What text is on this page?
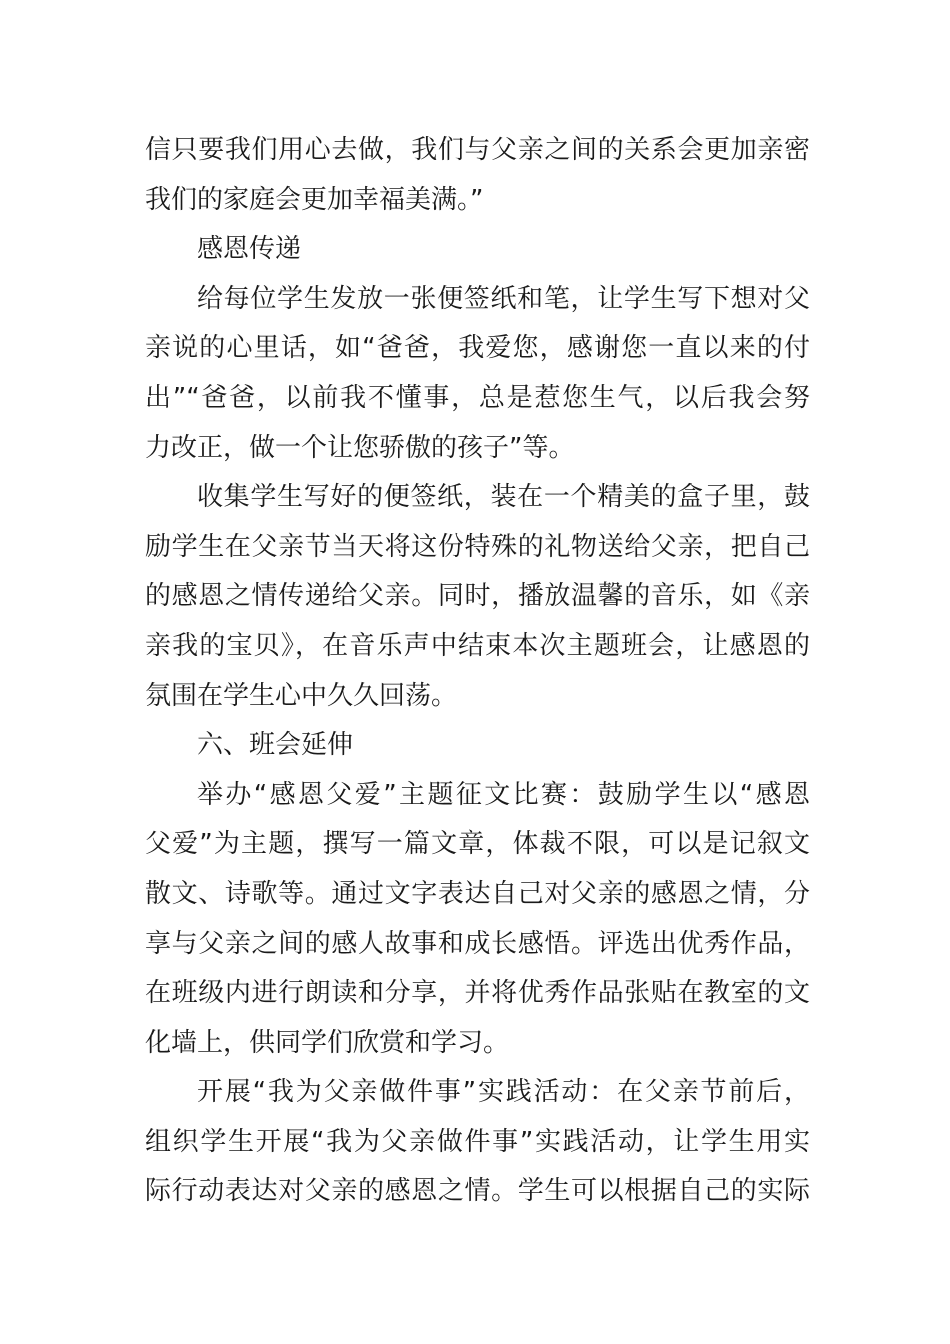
信只要我们用心去做，我们与父亲之间的关系会更加亲密
我们的家庭会更加幸福美满。”
感恩传递
给每位学生发放一张便签纸和笔，让学生写下想对父
亲说的心里话，如“爸爸，我爱您，感谢您一直以来的付
出”“爸爸，以前我不懂事，总是惹您生气，以后我会努
力改正，做一个让您骄傲的孩子”等。
收集学生写好的便签纸，装在一个精美的盒子里，鼓
励学生在父亲节当天将这份特殊的礼物送给父亲，把自己
的感恩之情传递给父亲。同时，播放温馨的音乐，如《亲
亲我的宝贝》，在音乐声中结束本次主题班会，让感恩的
氛围在学生心中久久回荡。
六、班会延伸
举办“感恩父爱”主题征文比赛：鼓励学生以“感恩
父爱”为主题，撰写一篇文章，体裁不限，可以是记叙文
散文、诗歌等。通过文字表达自己对父亲的感恩之情，分
享与父亲之间的感人故事和成长感悟。评选出优秀作品，
在班级内进行朗读和分享，并将优秀作品张贴在教室的文
化墙上，供同学们欣赏和学习。
开展“我为父亲做件事”实践活动：在父亲节前后，
组织学生开展“我为父亲做件事”实践活动，让学生用实
际行动表达对父亲的感恩之情。学生可以根据自己的实际
